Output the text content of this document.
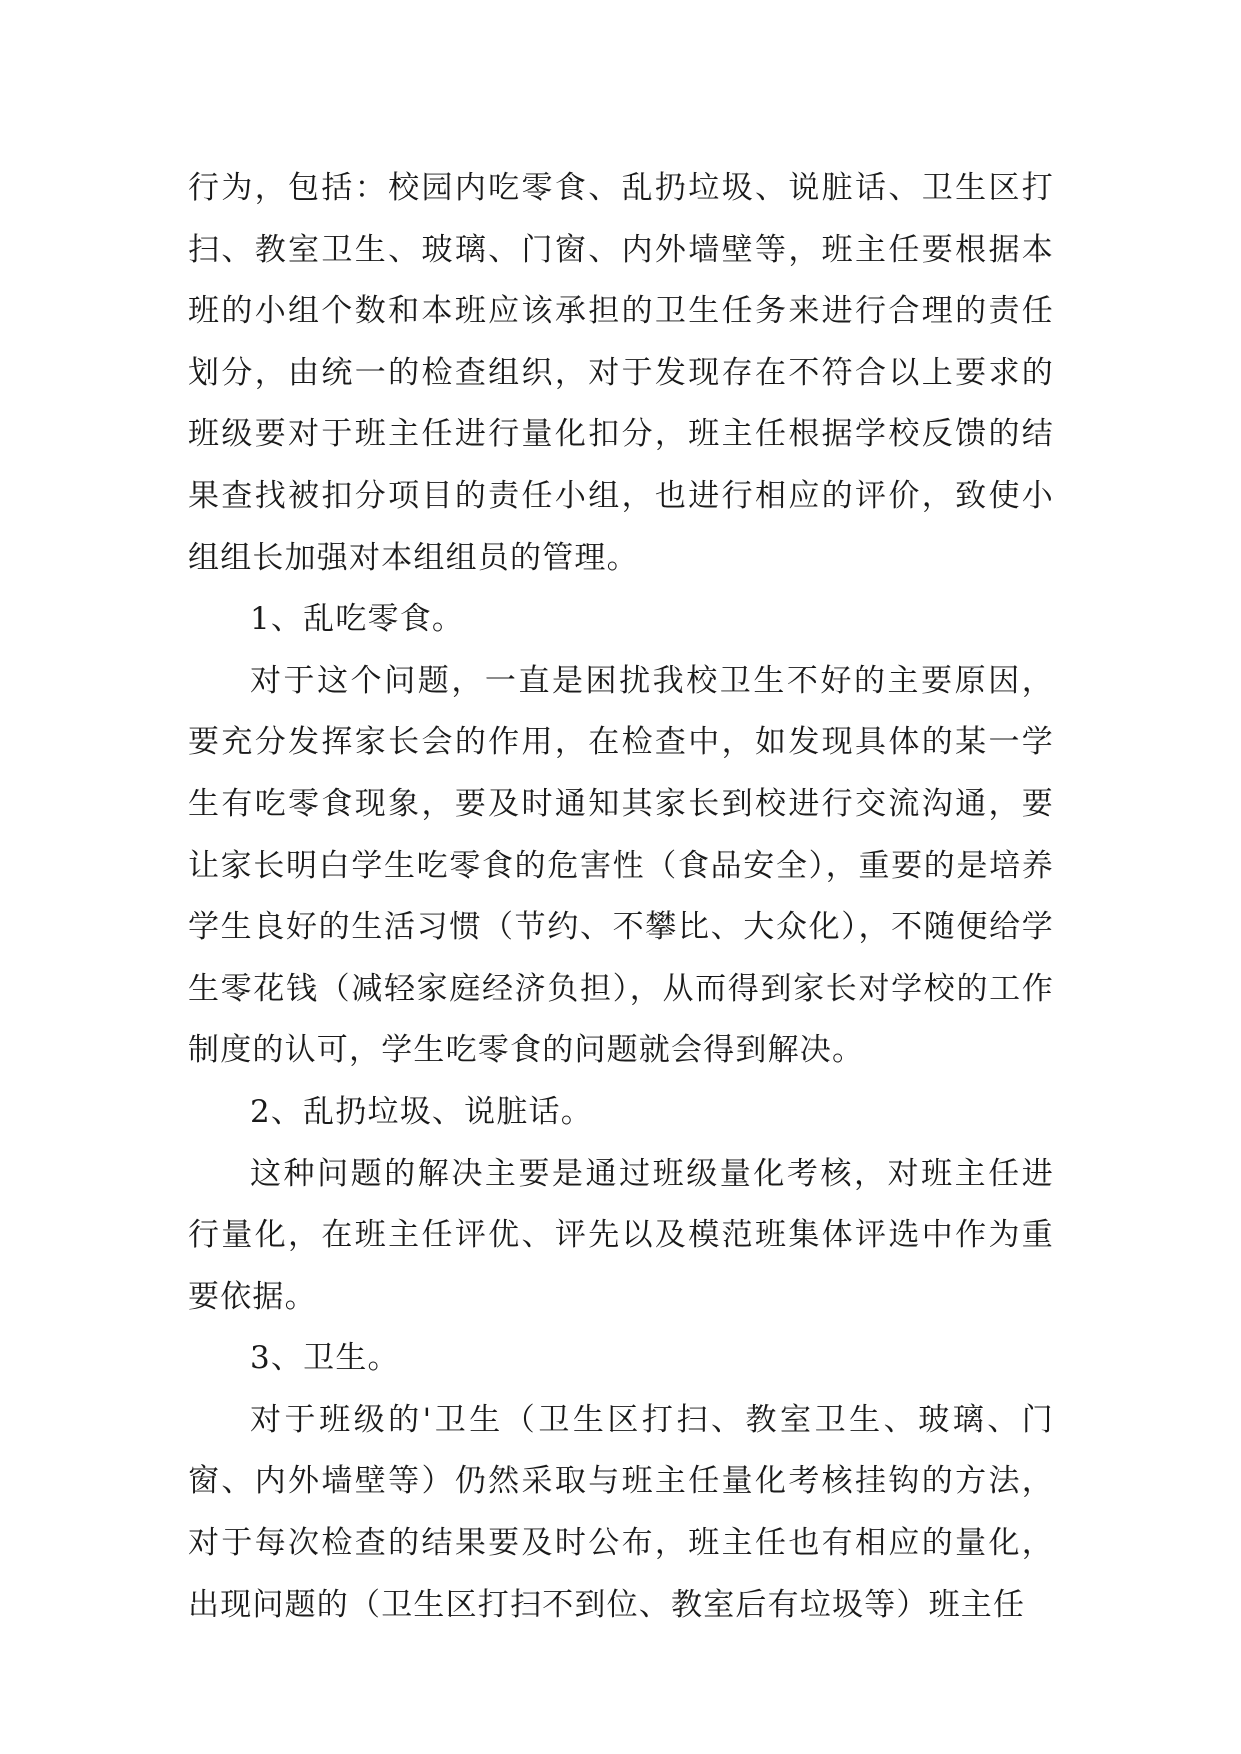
行为，包括：校园内吃零食、乱扔垃圾、说脏话、卫生区打扫、教室卫生、玻璃、门窗、内外墙壁等，班主任要根据本班的小组个数和本班应该承担的卫生任务来进行合理的责任划分，由统一的检查组织，对于发现存在不符合以上要求的班级要对于班主任进行量化扣分，班主任根据学校反馈的结果查找被扣分项目的责任小组，也进行相应的评价，致使小组组长加强对本组组员的管理。

1、乱吃零食。

对于这个问题，一直是困扰我校卫生不好的主要原因，要充分发挥家长会的作用，在检查中，如发现具体的某一学生有吃零食现象，要及时通知其家长到校进行交流沟通，要让家长明白学生吃零食的危害性（食品安全），重要的是培养学生良好的生活习惯（节约、不攀比、大众化），不随便给学生零花钱（减轻家庭经济负担），从而得到家长对学校的工作制度的认可，学生吃零食的问题就会得到解决。

2、乱扔垃圾、说脏话。

这种问题的解决主要是通过班级量化考核，对班主任进行量化，在班主任评优、评先以及模范班集体评选中作为重要依据。

3、卫生。

对于班级的'卫生（卫生区打扫、教室卫生、玻璃、门窗、内外墙壁等）仍然采取与班主任量化考核挂钩的方法，对于每次检查的结果要及时公布，班主任也有相应的量化，出现问题的（卫生区打扫不到位、教室后有垃圾等）班主任
